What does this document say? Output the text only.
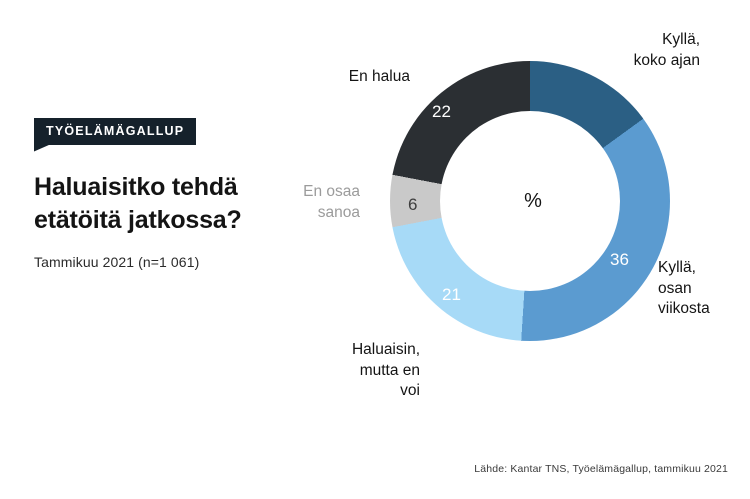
TYÖELÄMÄGALLUP
Haluaisitko tehdä etätöitä jatkossa?
Tammikuu 2021 (n=1 061)
%
15
36
21
6
22
Kyllä,
koko ajan
Kyllä,
osan
viikosta
Haluaisin,
mutta en
voi
En osaa
sanoa
En halua
Lähde: Kantar TNS, Työelämägallup, tammikuu 2021
